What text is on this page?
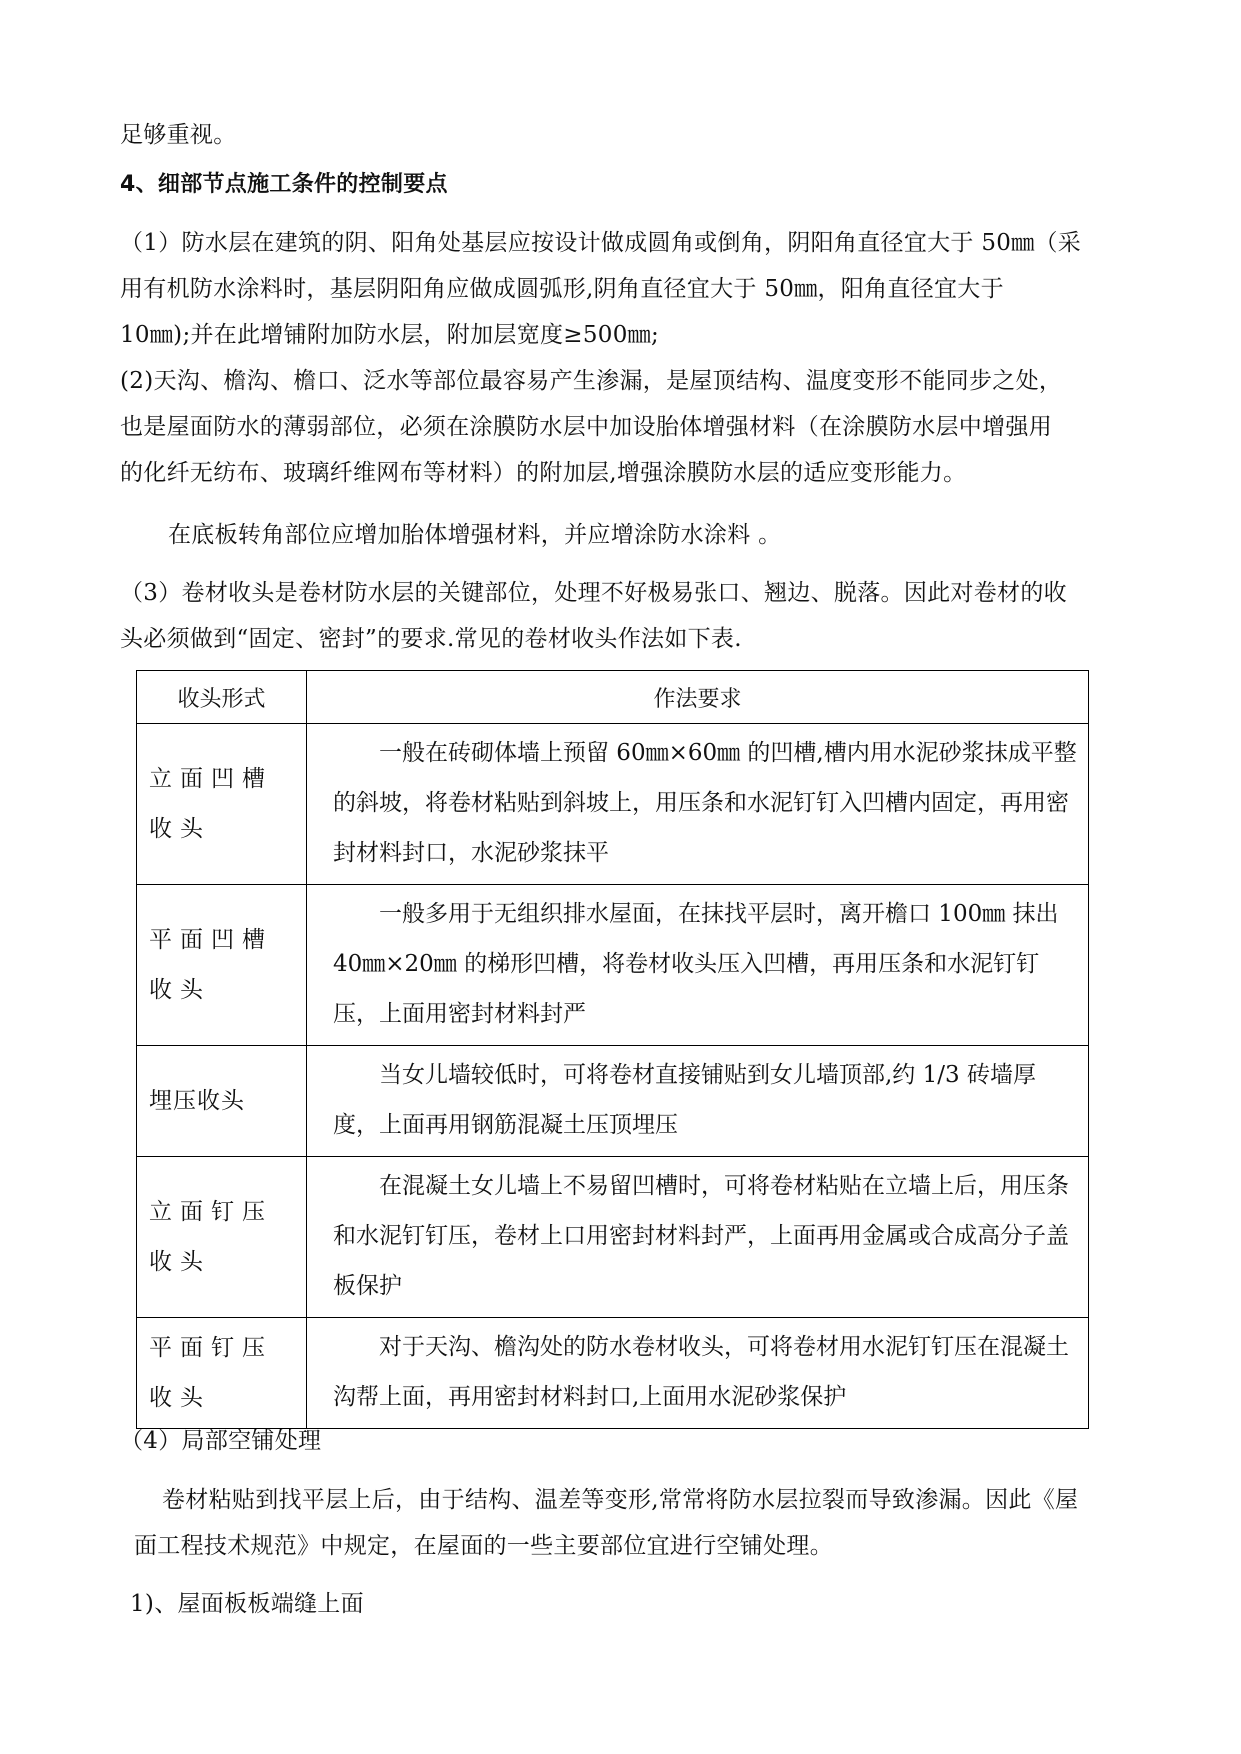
足够重视。
4、细部节点施工条件的控制要点
（1）防水层在建筑的阴、阳角处基层应按设计做成圆角或倒角，阴阳角直径宜大于 50㎜（采
用有机防水涂料时，基层阴阳角应做成圆弧形,阴角直径宜大于 50㎜，阳角直径宜大于
10㎜);并在此增铺附加防水层，附加层宽度≥500㎜;
(2)天沟、檐沟、檐口、泛水等部位最容易产生渗漏，是屋顶结构、温度变形不能同步之处，
也是屋面防水的薄弱部位，必须在涂膜防水层中加设胎体增强材料（在涂膜防水层中增强用
的化纤无纺布、玻璃纤维网布等材料）的附加层,增强涂膜防水层的适应变形能力。
在底板转角部位应增加胎体增强材料，并应增涂防水涂料 。
（3）卷材收头是卷材防水层的关键部位，处理不好极易张口、翘边、脱落。因此对卷材的收
头必须做到“固定、密封”的要求.常见的卷材收头作法如下表.
收头形式	作法要求
立面凹槽收头	一般在砖砌体墙上预留 60㎜×60㎜ 的凹槽,槽内用水泥砂浆抹成平整的斜坡，将卷材粘贴到斜坡上，用压条和水泥钉钉入凹槽内固定，再用密封材料封口，水泥砂浆抹平
平面凹槽收头	一般多用于无组织排水屋面，在抹找平层时，离开檐口 100㎜ 抹出 40㎜×20㎜ 的梯形凹槽，将卷材收头压入凹槽，再用压条和水泥钉钉压，上面用密封材料封严
埋压收头	当女儿墙较低时，可将卷材直接铺贴到女儿墙顶部,约 1/3 砖墙厚度，上面再用钢筋混凝土压顶埋压
立面钉压收头	在混凝土女儿墙上不易留凹槽时，可将卷材粘贴在立墙上后，用压条和水泥钉钉压，卷材上口用密封材料封严，上面再用金属或合成高分子盖板保护
平面钉压收头	对于天沟、檐沟处的防水卷材收头，可将卷材用水泥钉钉压在混凝土沟帮上面，再用密封材料封口,上面用水泥砂浆保护
（4）局部空铺处理
卷材粘贴到找平层上后，由于结构、温差等变形,常常将防水层拉裂而导致渗漏。因此《屋
面工程技术规范》中规定，在屋面的一些主要部位宜进行空铺处理。
1)、屋面板板端缝上面
